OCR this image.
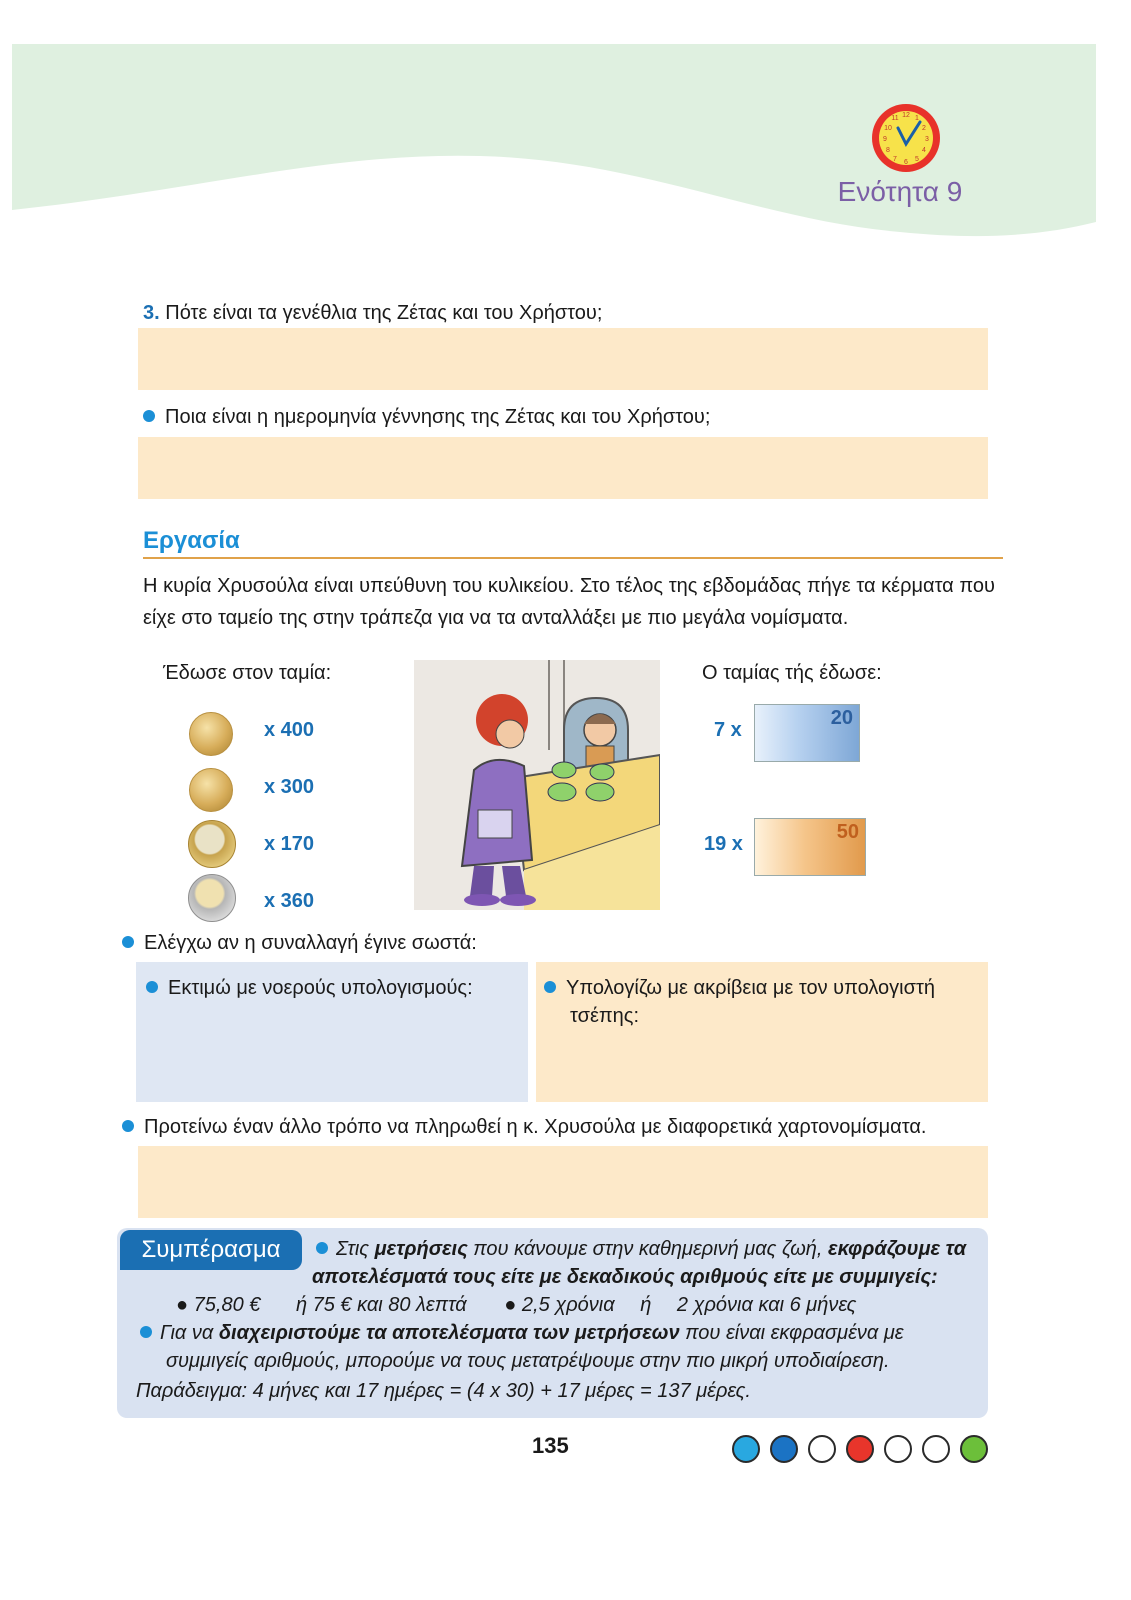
12
3
6
9
1
2
4
5
7
8
10
11
Ενότητα 9
3. Πότε είναι τα γενέθλια της Ζέτας και του Χρήστου;
Ποια είναι η ημερομηνία γέννησης της Ζέτας και του Χρήστου;
Εργασία
Η κυρία Χρυσούλα είναι υπεύθυνη του κυλικείου. Στο τέλος της εβδομάδας πήγε τα κέρματα που είχε στο ταμείο της στην τράπεζα για να τα ανταλλάξει με πιο μεγάλα νομίσματα.
Έδωσε στον ταμία:	Ο ταμίας τής έδωσε:
x 400
x 300
x 170
x 360
7 x
20
19 x
50
Ελέγχω αν η συναλλαγή έγινε σωστά:
Εκτιμώ με νοερούς υπολογισμούς:	Υπολογίζω με ακρίβεια με τον υπολογιστή
τσέπης:
Προτείνω έναν άλλο τρόπο να πληρωθεί η κ. Χρυσούλα με διαφορετικά χαρτονομίσματα.
Συμπέρασμα	Στις μετρήσεις που κάνουμε στην καθημερινή μας ζωή, εκφράζουμε τα
αποτελέσματά τους είτε με δεκαδικούς αριθμούς είτε με συμμιγείς:
● 75,80 € ή 75 € και 80 λεπτά ● 2,5 χρόνια ή 2 χρόνια και 6 μήνες
Για να διαχειριστούμε τα αποτελέσματα των μετρήσεων που είναι εκφρασμένα με
συμμιγείς αριθμούς, μπορούμε να τους μετατρέψουμε στην πιο μικρή υποδιαίρεση.
Παράδειγμα: 4 μήνες και 17 ημέρες = (4 x 30) + 17 μέρες = 137 μέρες.
135
